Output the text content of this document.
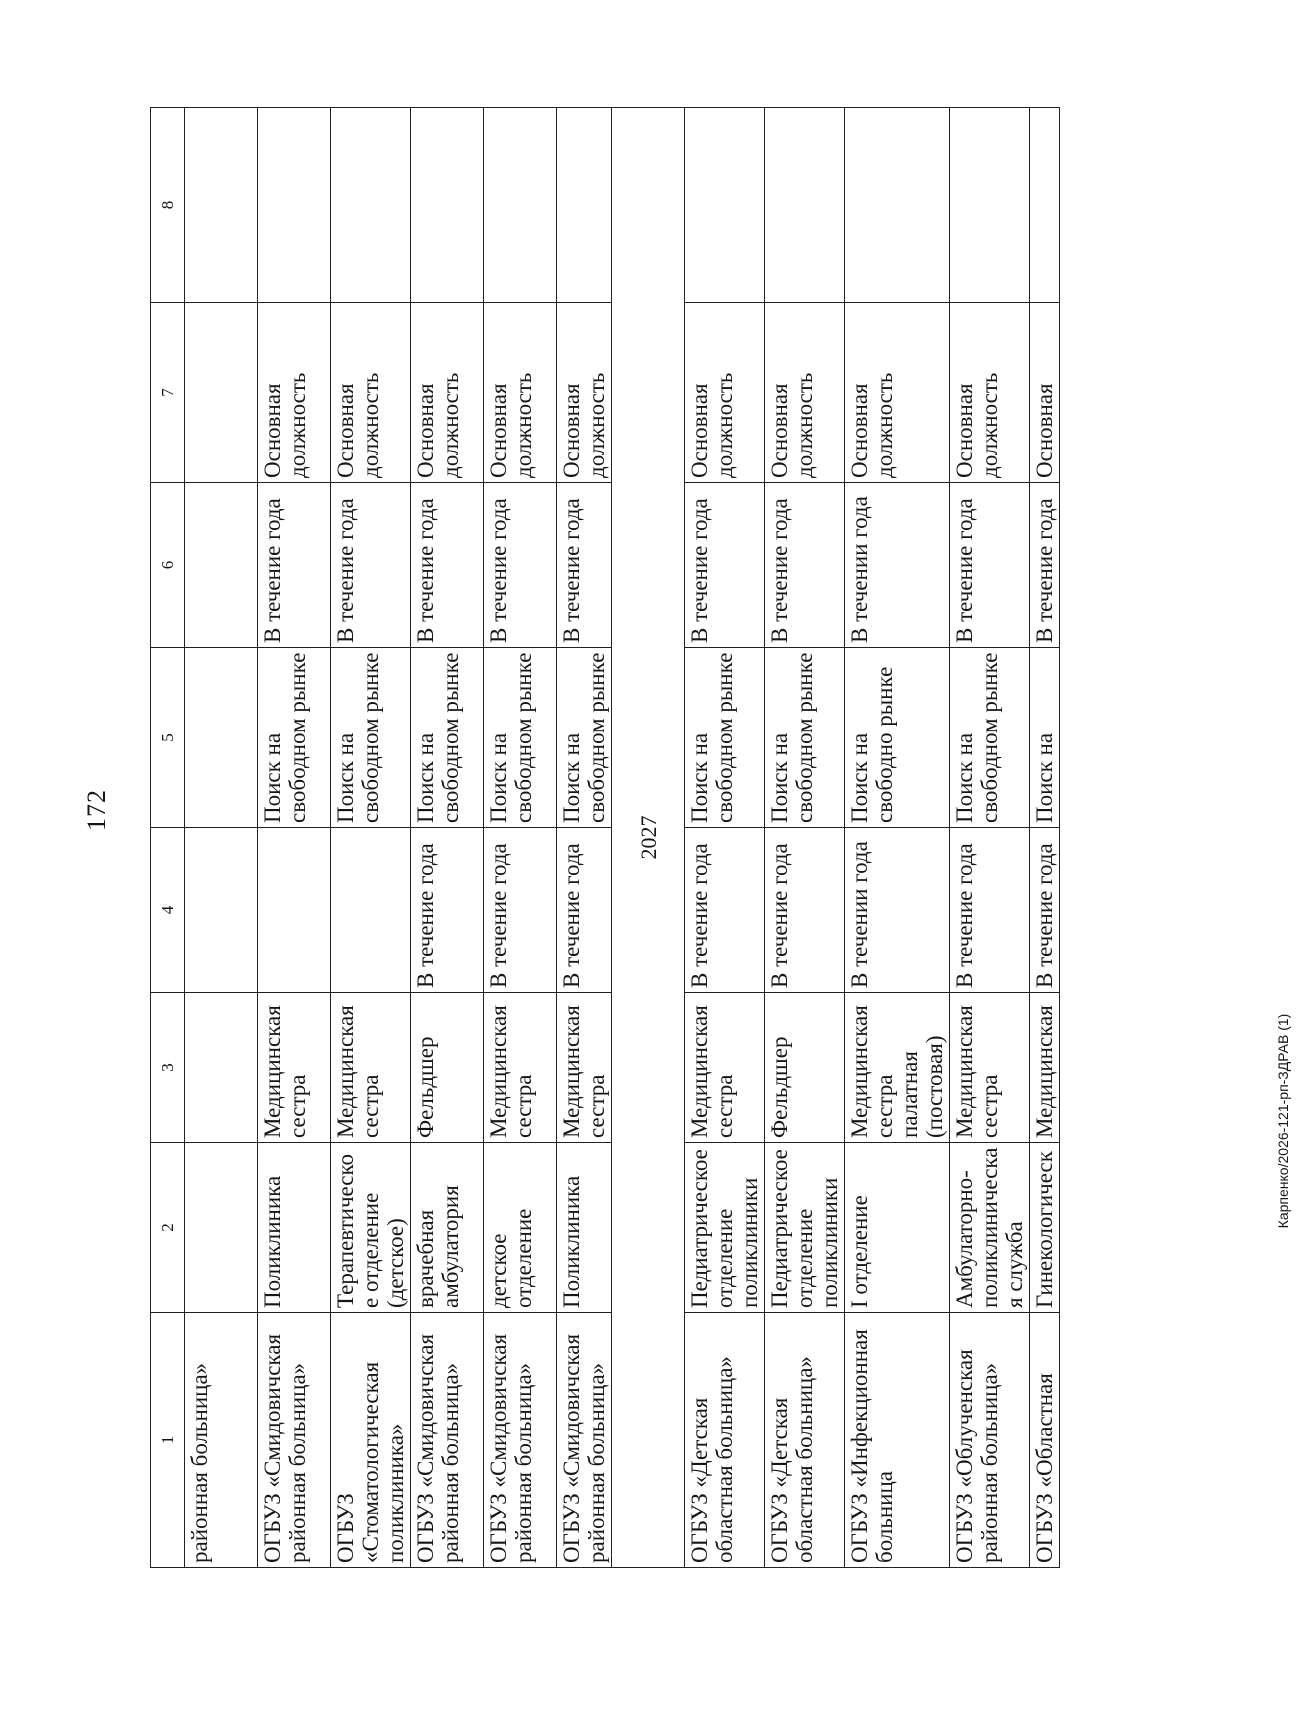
172
1	2	3	4	5	6	7	8
районная больница»							
ОГБУЗ «Смидовичская районная больница»	Поликлиника	Медицинская сестра		Поиск на свободном рынке	В течение года	Основная должность	
ОГБУЗ «Стоматологическая поликлиника»	Терапевтическое отделение (детское)	Медицинская сестра		Поиск на свободном рынке	В течение года	Основная должность	
ОГБУЗ «Смидовичская районная больница»	врачебная амбулатория	Фельдшер	В течение года	Поиск на свободном рынке	В течение года	Основная должность	
ОГБУЗ «Смидовичская районная больница»	детское отделение	Медицинская сестра	В течение года	Поиск на свободном рынке	В течение года	Основная должность	
ОГБУЗ «Смидовичская районная больница»	Поликлиника	Медицинская сестра	В течение года	Поиск на свободном рынке	В течение года	Основная должность	
2027							
ОГБУЗ «Детская областная больница»	Педиатрическое отделение поликлиники	Медицинская сестра	В течение года	Поиск на свободном рынке	В течение года	Основная должность	
ОГБУЗ «Детская областная больница»	Педиатрическое отделение поликлиники	Фельдшер	В течение года	Поиск на свободном рынке	В течение года	Основная должность	
ОГБУЗ «Инфекционная больница	I отделение	Медицинская сестра палатная (постовая)	В течении года	Поиск на свободно рынке	В течении года	Основная должность	
ОГБУЗ «Облученская районная больница»	Амбулаторно-поликлиническая служба	Медицинская сестра	В течение года	Поиск на свободном рынке	В течение года	Основная должность	
ОГБУЗ «Областная	Гинекологическ	Медицинская	В течение года	Поиск на	В течение года	Основная	
Карпенко/2026-121-рп-ЗДРАВ (1)
